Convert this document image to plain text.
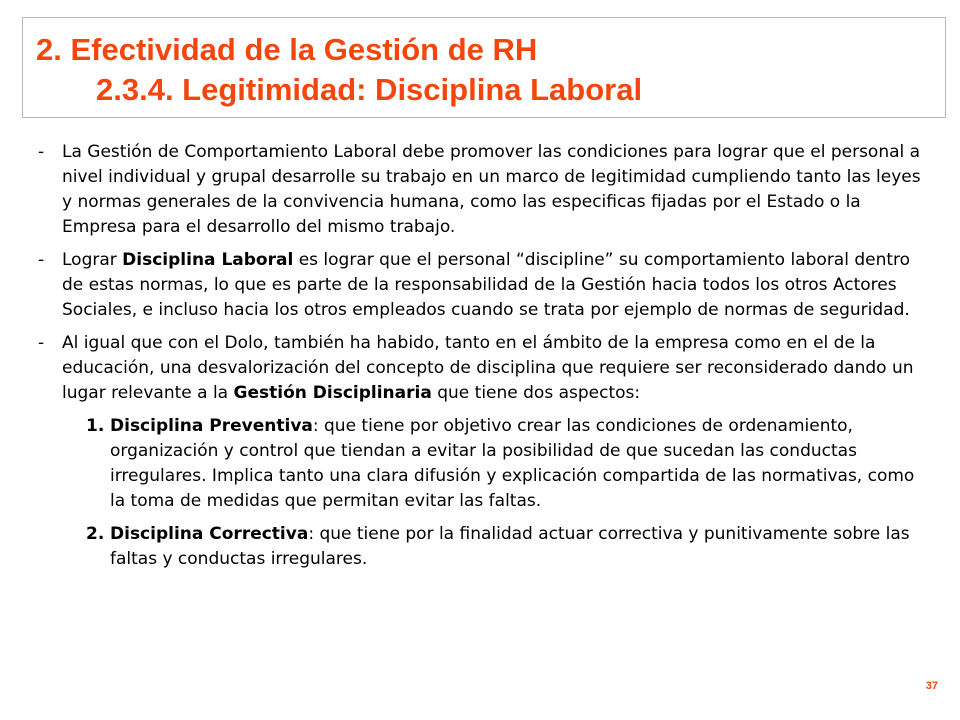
2. Efectividad de la Gestión de RH
2.3.4. Legitimidad: Disciplina Laboral
- La Gestión de Comportamiento Laboral debe promover las condiciones para lograr que el personal a nivel individual y grupal desarrolle su trabajo en un marco de legitimidad cumpliendo tanto las leyes y normas generales de la convivencia humana, como las especificas fijadas por el Estado o la Empresa para el desarrollo del mismo trabajo.
- Lograr Disciplina Laboral es lograr que el personal “discipline” su comportamiento laboral dentro de estas normas, lo que es parte de la responsabilidad de la Gestión hacia todos los otros Actores Sociales, e incluso hacia los otros empleados cuando se trata por ejemplo de normas de seguridad.
- Al igual que con el Dolo, también ha habido, tanto en el ámbito de la empresa como en el de la educación, una desvalorización del concepto de disciplina que requiere ser reconsiderado dando un lugar relevante a la Gestión Disciplinaria que tiene dos aspectos:
1. Disciplina Preventiva: que tiene por objetivo crear las condiciones de ordenamiento, organización y control que tiendan a evitar la posibilidad de que sucedan las conductas irregulares. Implica tanto una clara difusión y explicación compartida de las normativas, como la toma de medidas que permitan evitar las faltas.
2. Disciplina Correctiva: que tiene por la finalidad actuar correctiva y punitivamente sobre las faltas y conductas irregulares.
37
